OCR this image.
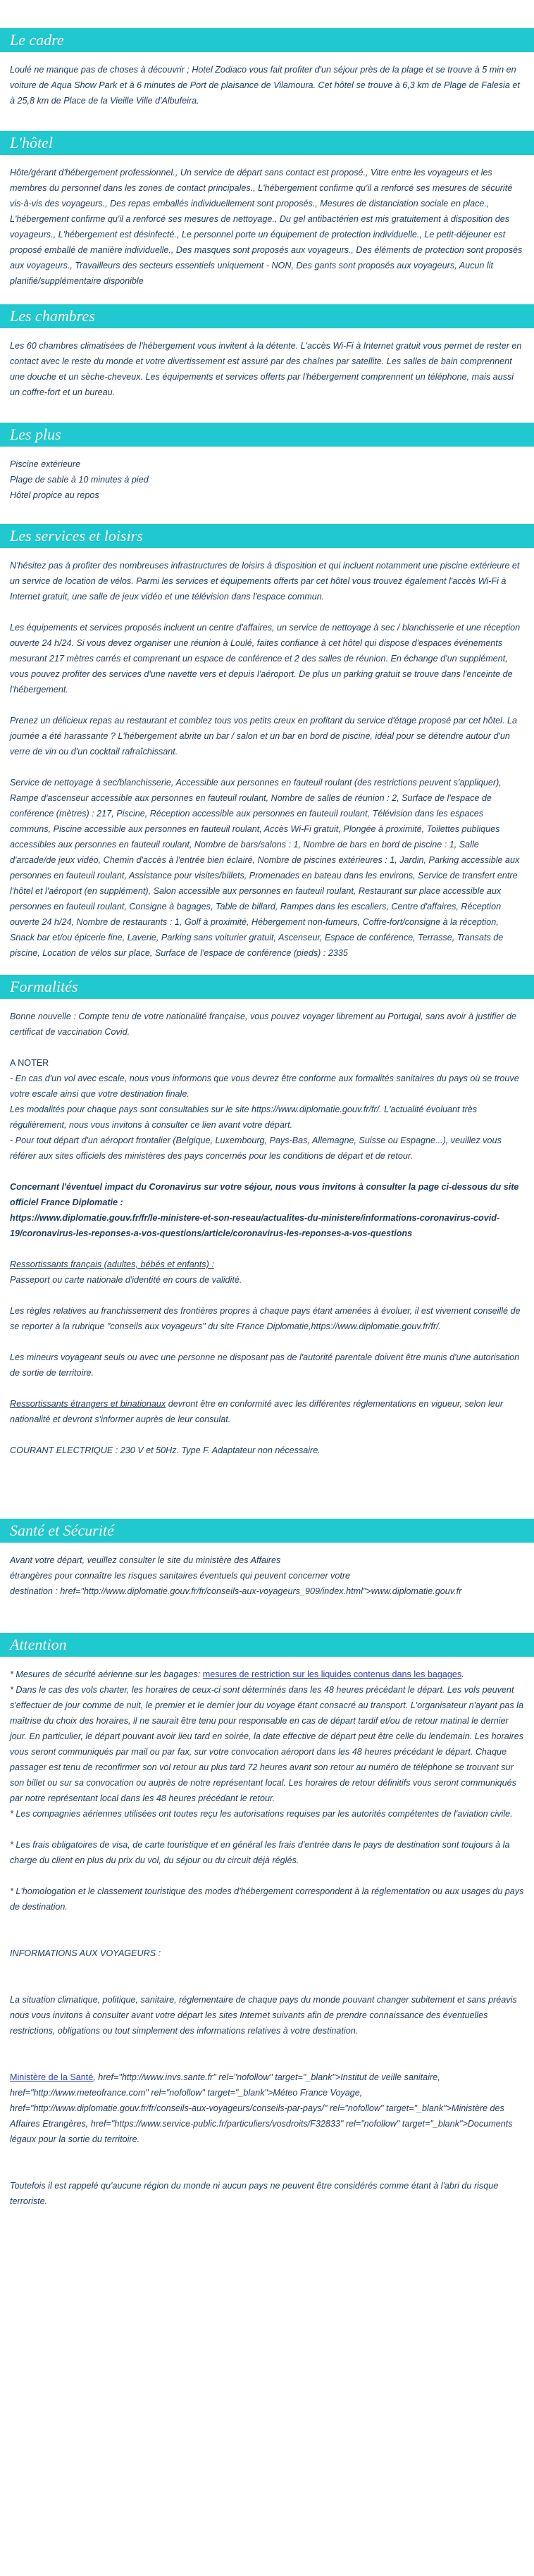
Le cadre

Loulé ne manque pas de choses à découvrir ; Hotel Zodiaco vous fait profiter d'un séjour près de la plage et se trouve à 5 min en voiture de Aqua Show Park et à 6 minutes de Port de plaisance de Vilamoura. Cet hôtel se trouve à 6,3 km de Plage de Falesia et à 25,8 km de Place de la Vieille Ville d'Albufeira.

L'hôtel

Hôte/gérant d'hébergement professionnel., Un service de départ sans contact est proposé., Vitre entre les voyageurs et les membres du personnel dans les zones de contact principales., L'hébergement confirme qu'il a renforcé ses mesures de sécurité vis-à-vis des voyageurs., Des repas emballés individuellement sont proposés., Mesures de distanciation sociale en place., L'hébergement confirme qu'il a renforcé ses mesures de nettoyage., Du gel antibactérien est mis gratuitement à disposition des voyageurs., L'hébergement est désinfecté., Le personnel porte un équipement de protection individuelle., Le petit-déjeuner est proposé emballé de manière individuelle., Des masques sont proposés aux voyageurs., Des éléments de protection sont proposés aux voyageurs., Travailleurs des secteurs essentiels uniquement - NON, Des gants sont proposés aux voyageurs, Aucun lit planifié/supplémentaire disponible

Les chambres

Les 60 chambres climatisées de l'hébergement vous invitent à la détente. L'accès Wi-Fi à Internet gratuit vous permet de rester en contact avec le reste du monde et votre divertissement est assuré par des chaînes par satellite. Les salles de bain comprennent une douche et un sèche-cheveux. Les équipements et services offerts par l'hébergement comprennent un téléphone, mais aussi un coffre-fort et un bureau.

Les plus

Piscine extérieure

Plage de sable à 10 minutes à pied

Hôtel propice au repos

Les services et loisirs

N'hésitez pas à profiter des nombreuses infrastructures de loisirs à disposition et qui incluent notamment une piscine extérieure et un service de location de vélos. Parmi les services et équipements offerts par cet hôtel vous trouvez également l'accès Wi-Fi à Internet gratuit, une salle de jeux vidéo et une télévision dans l'espace commun.

Les équipements et services proposés incluent un centre d'affaires, un service de nettoyage à sec / blanchisserie et une réception ouverte 24 h/24. Si vous devez organiser une réunion à Loulé, faites confiance à cet hôtel qui dispose d'espaces événements mesurant 217 mètres carrés et comprenant un espace de conférence et 2 des salles de réunion. En échange d'un supplément, vous pouvez profiter des services d'une navette vers et depuis l'aéroport. De plus un parking gratuit se trouve dans l'enceinte de l'hébergement.

Prenez un délicieux repas au restaurant et comblez tous vos petits creux en profitant du service d'étage proposé par cet hôtel. La journée a été harassante ? L'hébergement abrite un bar / salon et un bar en bord de piscine, idéal pour se détendre autour d'un verre de vin ou d'un cocktail rafraîchissant.

Service de nettoyage à sec/blanchisserie, Accessible aux personnes en fauteuil roulant (des restrictions peuvent s'appliquer), Rampe d'ascenseur accessible aux personnes en fauteuil roulant, Nombre de salles de réunion : 2, Surface de l'espace de conférence (mètres) : 217, Piscine, Réception accessible aux personnes en fauteuil roulant, Télévision dans les espaces communs, Piscine accessible aux personnes en fauteuil roulant, Accès Wi-Fi gratuit, Plongée à proximité, Toilettes publiques accessibles aux personnes en fauteuil roulant, Nombre de bars/salons : 1, Nombre de bars en bord de piscine : 1, Salle d'arcade/de jeux vidéo, Chemin d'accès à l'entrée bien éclairé, Nombre de piscines extérieures : 1, Jardin, Parking accessible aux personnes en fauteuil roulant, Assistance pour visites/billets, Promenades en bateau dans les environs, Service de transfert entre l'hôtel et l'aéroport (en supplément), Salon accessible aux personnes en fauteuil roulant, Restaurant sur place accessible aux personnes en fauteuil roulant, Consigne à bagages, Table de billard, Rampes dans les escaliers, Centre d'affaires, Réception ouverte 24 h/24, Nombre de restaurants : 1, Golf à proximité, Hébergement non-fumeurs, Coffre-fort/consigne à la réception, Snack bar et/ou épicerie fine, Laverie, Parking sans voiturier gratuit, Ascenseur, Espace de conférence, Terrasse, Transats de piscine, Location de vélos sur place, Surface de l'espace de conférence (pieds) : 2335

Formalités

Bonne nouvelle : Compte tenu de votre nationalité française, vous pouvez voyager librement au Portugal, sans avoir à justifier de certificat de vaccination Covid.

A NOTER

- En cas d'un vol avec escale, nous vous informons que vous devrez être conforme aux formalités sanitaires du pays où se trouve votre escale ainsi que votre destination finale.

Les modalités pour chaque pays sont consultables sur le site https://www.diplomatie.gouv.fr/fr/. L'actualité évoluant très régulièrement, nous vous invitons à consulter ce lien avant votre départ.

- Pour tout départ d'un aéroport frontalier (Belgique, Luxembourg, Pays-Bas, Allemagne, Suisse ou Espagne...), veuillez vous référer aux sites officiels des ministères des pays concernés pour les conditions de départ et de retour.

Concernant l'éventuel impact du Coronavirus sur votre séjour, nous vous invitons à consulter la page ci-dessous du site officiel France Diplomatie :
https://www.diplomatie.gouv.fr/fr/le-ministere-et-son-reseau/actualites-du-ministere/informations-coronavirus-covid-19/coronavirus-les-reponses-a-vos-questions/article/coronavirus-les-reponses-a-vos-questions

Ressortissants français (adultes, bébés et enfants) :

Passeport ou carte nationale d'identité en cours de validité.

Les règles relatives au franchissement des frontières propres à chaque pays étant amenées à évoluer, il est vivement conseillé de se reporter à la rubrique "conseils aux voyageurs" du site France Diplomatie,https://www.diplomatie.gouv.fr/fr/.

Les mineurs voyageant seuls ou avec une personne ne disposant pas de l'autorité parentale doivent être munis d'une autorisation de sortie de territoire.

Ressortissants étrangers et binationaux devront être en conformité avec les différentes réglementations en vigueur, selon leur nationalité et devront s'informer auprès de leur consulat.

COURANT ELECTRIQUE : 230 V et 50Hz. Type F. Adaptateur non nécessaire.

Santé et Sécurité

Avant votre départ, veuillez consulter le site du ministère des Affaires
étrangères pour connaître les risques sanitaires éventuels qui peuvent concerner votre
destination : href="http://www.diplomatie.gouv.fr/fr/conseils-aux-voyageurs_909/index.html">www.diplomatie.gouv.fr

Attention

* Mesures de sécurité aérienne sur les bagages: mesures de restriction sur les liquides contenus dans les bagages.

* Dans le cas des vols charter, les horaires de ceux-ci sont déterminés dans les 48 heures précédant le départ. Les vols peuvent s'effectuer de jour comme de nuit, le premier et le dernier jour du voyage étant consacré au transport. L'organisateur n'ayant pas la maîtrise du choix des horaires, il ne saurait être tenu pour responsable en cas de départ tardif et/ou de retour matinal le dernier jour. En particulier, le départ pouvant avoir lieu tard en soirée, la date effective de départ peut être celle du lendemain. Les horaires vous seront communiqués par mail ou par fax, sur votre convocation aéroport dans les 48 heures précédant le départ. Chaque passager est tenu de reconfirmer son vol retour au plus tard 72 heures avant son retour au numéro de téléphone se trouvant sur son billet ou sur sa convocation ou auprès de notre représentant local. Les horaires de retour définitifs vous seront communiqués par notre représentant local dans les 48 heures précédant le retour.

* Les compagnies aériennes utilisées ont toutes reçu les autorisations requises par les autorités compétentes de l'aviation civile.

* Les frais obligatoires de visa, de carte touristique et en général les frais d'entrée dans le pays de destination sont toujours à la charge du client en plus du prix du vol, du séjour ou du circuit déjà réglés.

* L'homologation et le classement touristique des modes d'hébergement correspondent à la réglementation ou aux usages du pays de destination.

INFORMATIONS AUX VOYAGEURS :

La situation climatique, politique, sanitaire, réglementaire de chaque pays du monde pouvant changer subitement et sans préavis
nous vous invitons à consulter avant votre départ les sites Internet suivants afin de prendre connaissance des éventuelles restrictions, obligations ou tout simplement des informations relatives à votre destination.

Ministère de la Santé, href="http://www.invs.sante.fr" rel="nofollow" target="_blank">Institut de veille sanitaire, href="http://www.meteofrance.com" rel="nofollow" target="_blank">Méteo France Voyage, href="http://www.diplomatie.gouv.fr/fr/conseils-aux-voyageurs/conseils-par-pays/" rel="nofollow" target="_blank">Ministère des Affaires Etrangères, href="https://www.service-public.fr/particuliers/vosdroits/F32833" rel="nofollow" target="_blank">Documents légaux pour la sortie du territoire.

Toutefois il est rappelé qu'aucune région du monde ni aucun pays ne peuvent être considérés comme étant à l'abri du risque terroriste.
